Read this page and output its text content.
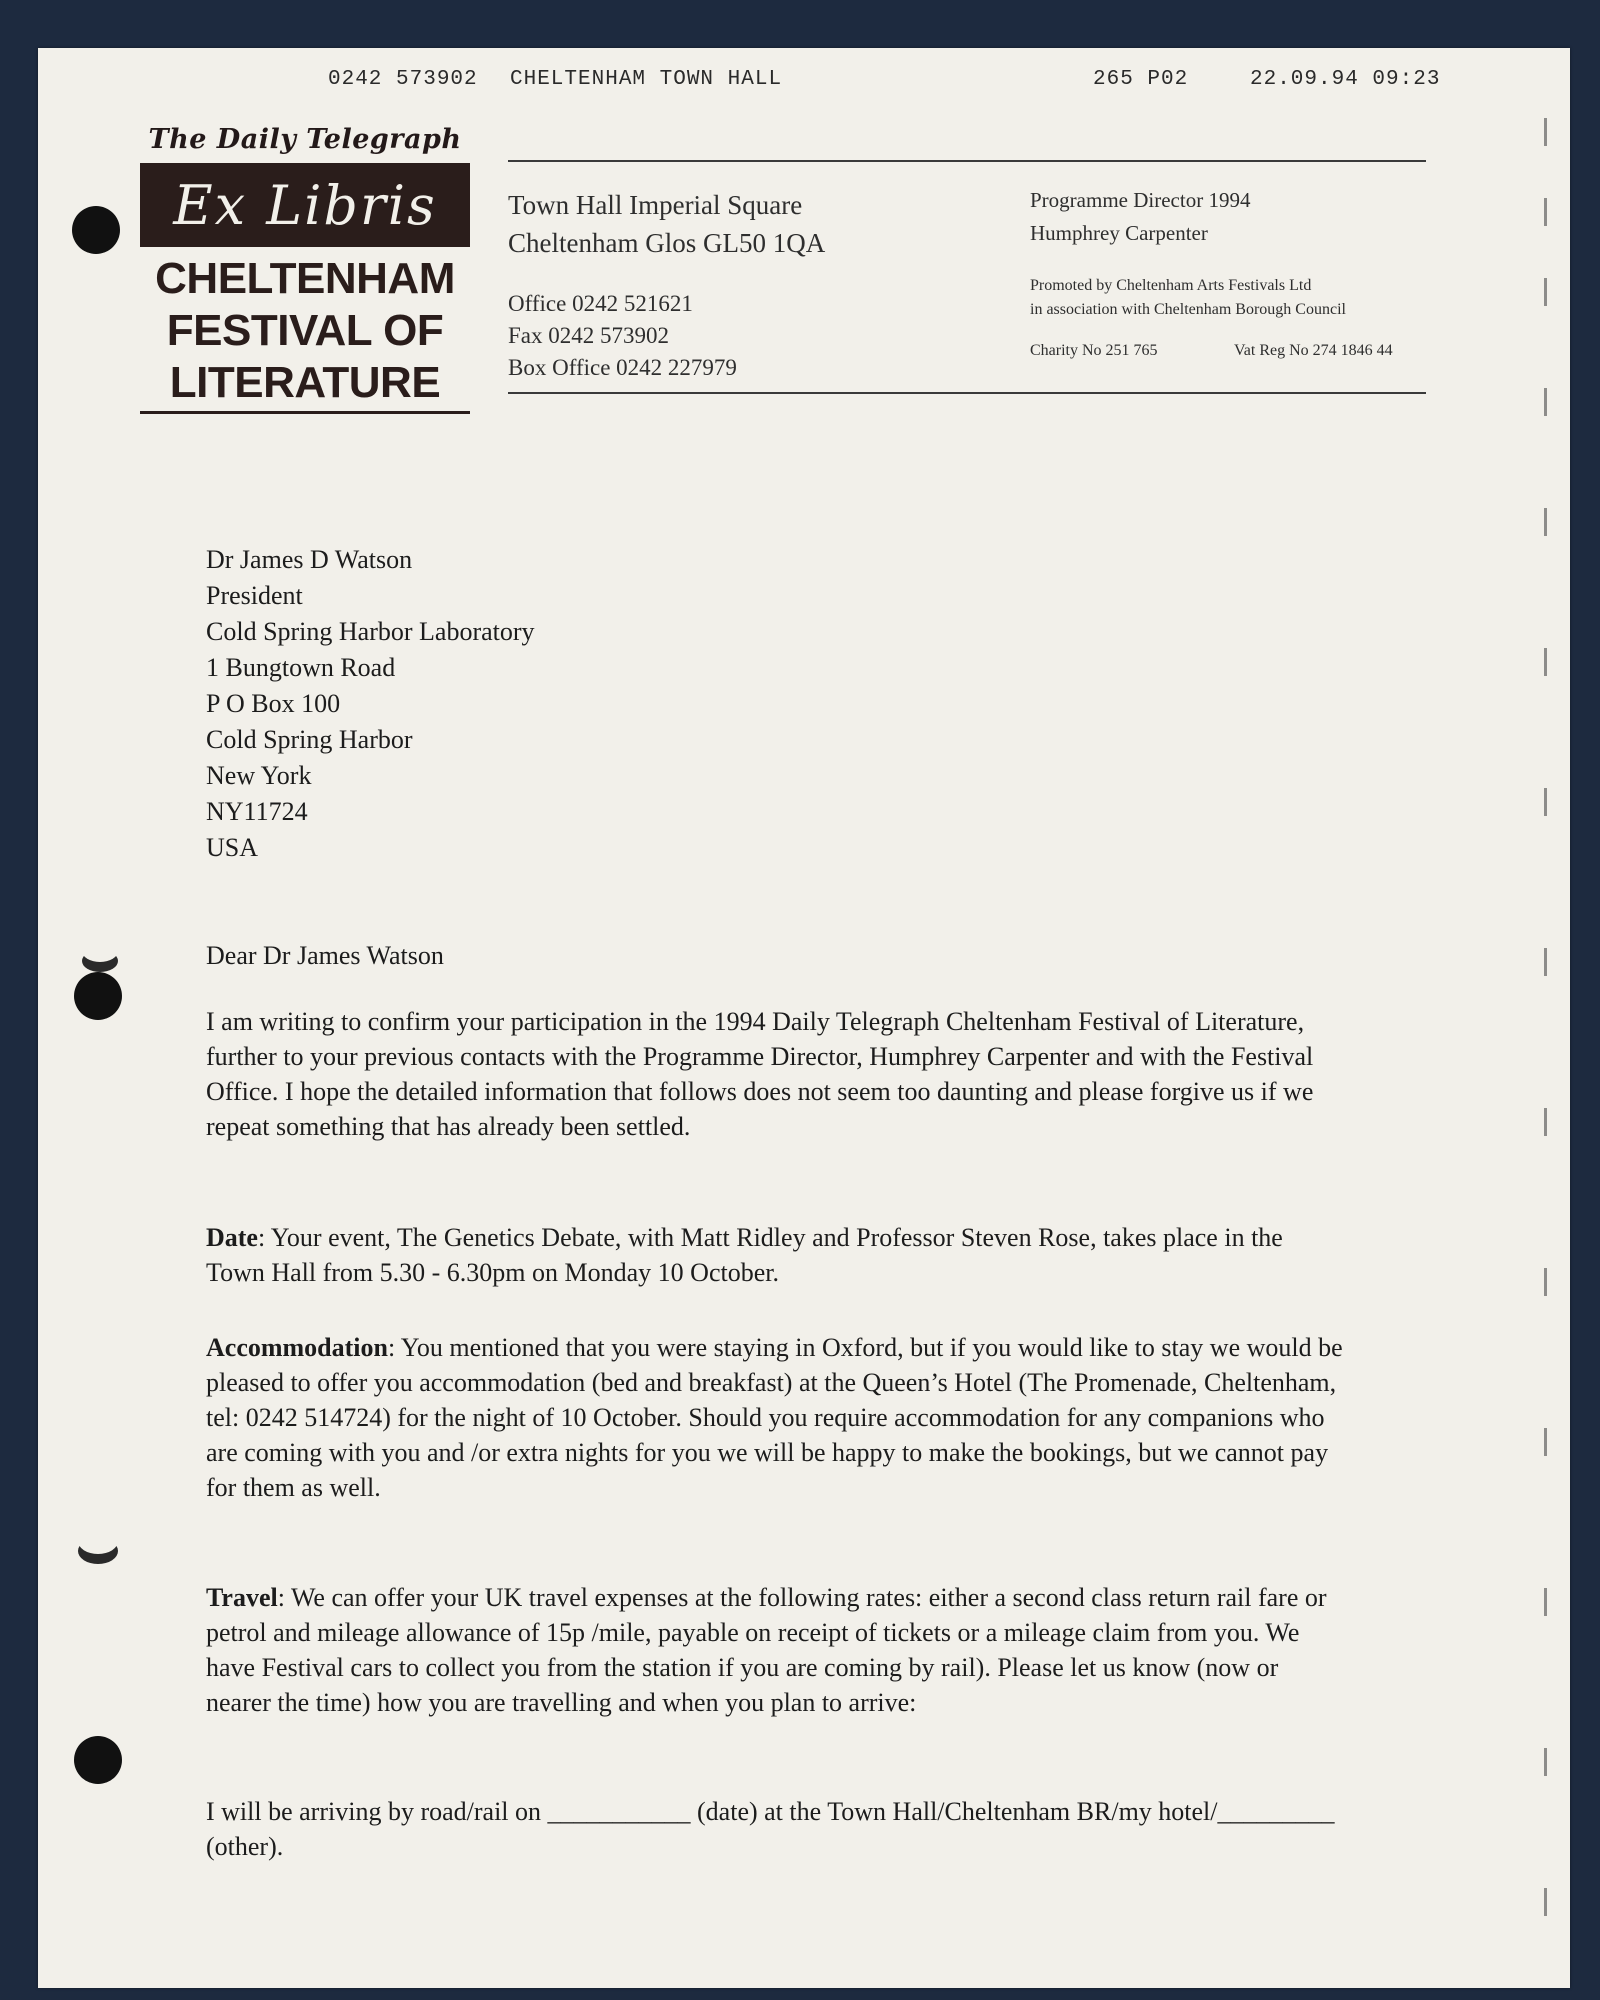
0242 573902 CHELTENHAM TOWN HALL	265 P02	22.09.94 09:23
The Daily Telegraph
Ex Libris
CHELTENHAM
FESTIVAL OF
LITERATURE
Town Hall Imperial Square
Cheltenham Glos GL50 1QA
Office 0242 521621
Fax 0242 573902
Box Office 0242 227979
Programme Director 1994
Humphrey Carpenter
Promoted by Cheltenham Arts Festivals Ltd
in association with Cheltenham Borough Council
Charity No 251 765	Vat Reg No 274 1846 44
Dr James D Watson
President
Cold Spring Harbor Laboratory
1 Bungtown Road
P O Box 100
Cold Spring Harbor
New York
NY11724
USA
Dear Dr James Watson

I am writing to confirm your participation in the 1994 Daily Telegraph Cheltenham Festival of Literature, further to your previous contacts with the Programme Director, Humphrey Carpenter and with the Festival Office. I hope the detailed information that follows does not seem too daunting and please forgive us if we repeat something that has already been settled.

Date: Your event, The Genetics Debate, with Matt Ridley and Professor Steven Rose, takes place in the Town Hall from 5.30 - 6.30pm on Monday 10 October.

Accommodation: You mentioned that you were staying in Oxford, but if you would like to stay we would be pleased to offer you accommodation (bed and breakfast) at the Queen’s Hotel (The Promenade, Cheltenham, tel: 0242 514724) for the night of 10 October. Should you require accommodation for any companions who are coming with you and /or extra nights for you we will be happy to make the bookings, but we cannot pay for them as well.

Travel: We can offer your UK travel expenses at the following rates: either a second class return rail fare or petrol and mileage allowance of 15p /mile, payable on receipt of tickets or a mileage claim from you. We have Festival cars to collect you from the station if you are coming by rail). Please let us know (now or nearer the time) how you are travelling and when you plan to arrive:

I will be arriving by road/rail on ___________ (date) at the Town Hall/Cheltenham BR/my hotel/_________ (other).
